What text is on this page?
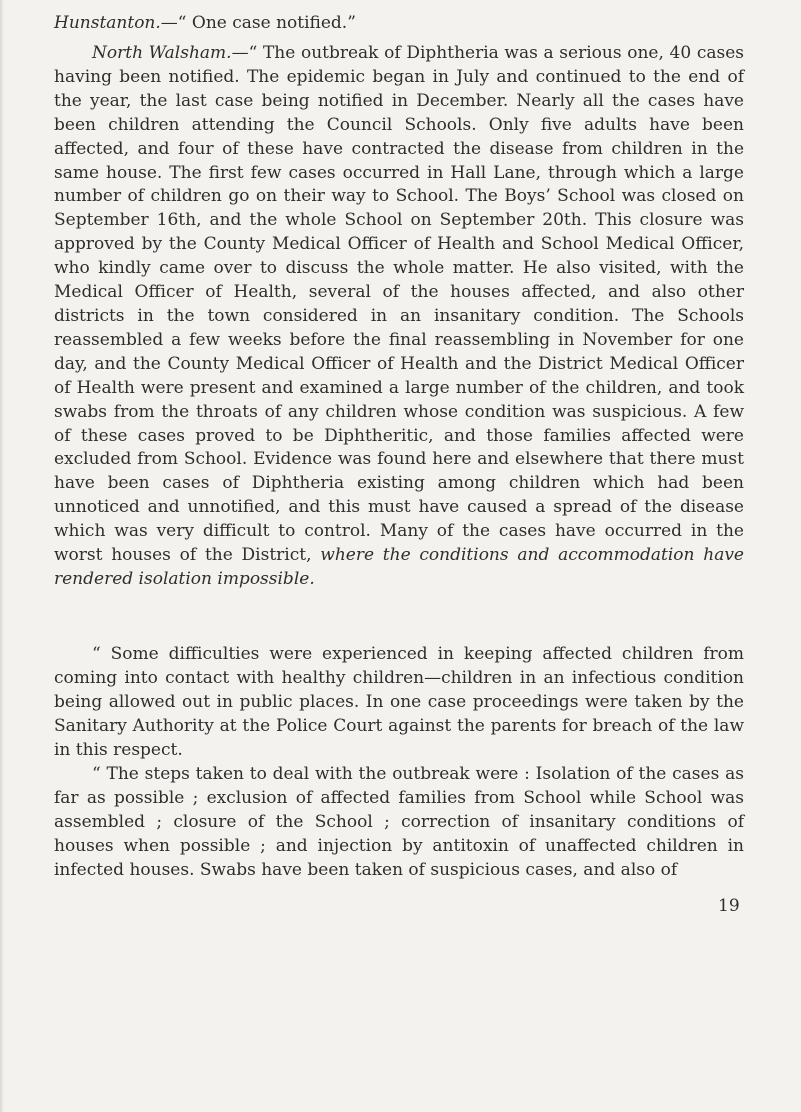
Hunstanton.—“ One case notified.”

North Walsham.—“ The outbreak of Diphtheria was a serious one, 40 cases having been notified. The epidemic began in July and continued to the end of the year, the last case being notified in December. Nearly all the cases have been children attending the Council Schools. Only five adults have been affected, and four of these have contracted the disease from children in the same house. The first few cases occurred in Hall Lane, through which a large number of children go on their way to School. The Boys’ School was closed on September 16th, and the whole School on September 20th. This closure was approved by the County Medical Officer of Health and School Medical Officer, who kindly came over to discuss the whole matter. He also visited, with the Medical Officer of Health, several of the houses affected, and also other districts in the town considered in an insanitary condition. The Schools reassembled a few weeks before the final reassembling in November for one day, and the County Medical Officer of Health and the District Medical Officer of Health were present and examined a large number of the children, and took swabs from the throats of any children whose condition was suspicious. A few of these cases proved to be Diphtheritic, and those families affected were excluded from School. Evidence was found here and elsewhere that there must have been cases of Diphtheria existing among children which had been unnoticed and unnotified, and this must have caused a spread of the disease which was very difficult to control. Many of the cases have occurred in the worst houses of the District, where the conditions and accommodation have rendered isolation impossible.

“ Some difficulties were experienced in keeping affected children from coming into contact with healthy children—children in an infectious condition being allowed out in public places. In one case proceedings were taken by the Sanitary Authority at the Police Court against the parents for breach of the law in this respect.

“ The steps taken to deal with the outbreak were : Isolation of the cases as far as possible ; exclusion of affected families from School while School was assembled ; closure of the School ; correction of insanitary conditions of houses when possible ; and injection by antitoxin of unaffected children in infected houses. Swabs have been taken of suspicious cases, and also of

19
